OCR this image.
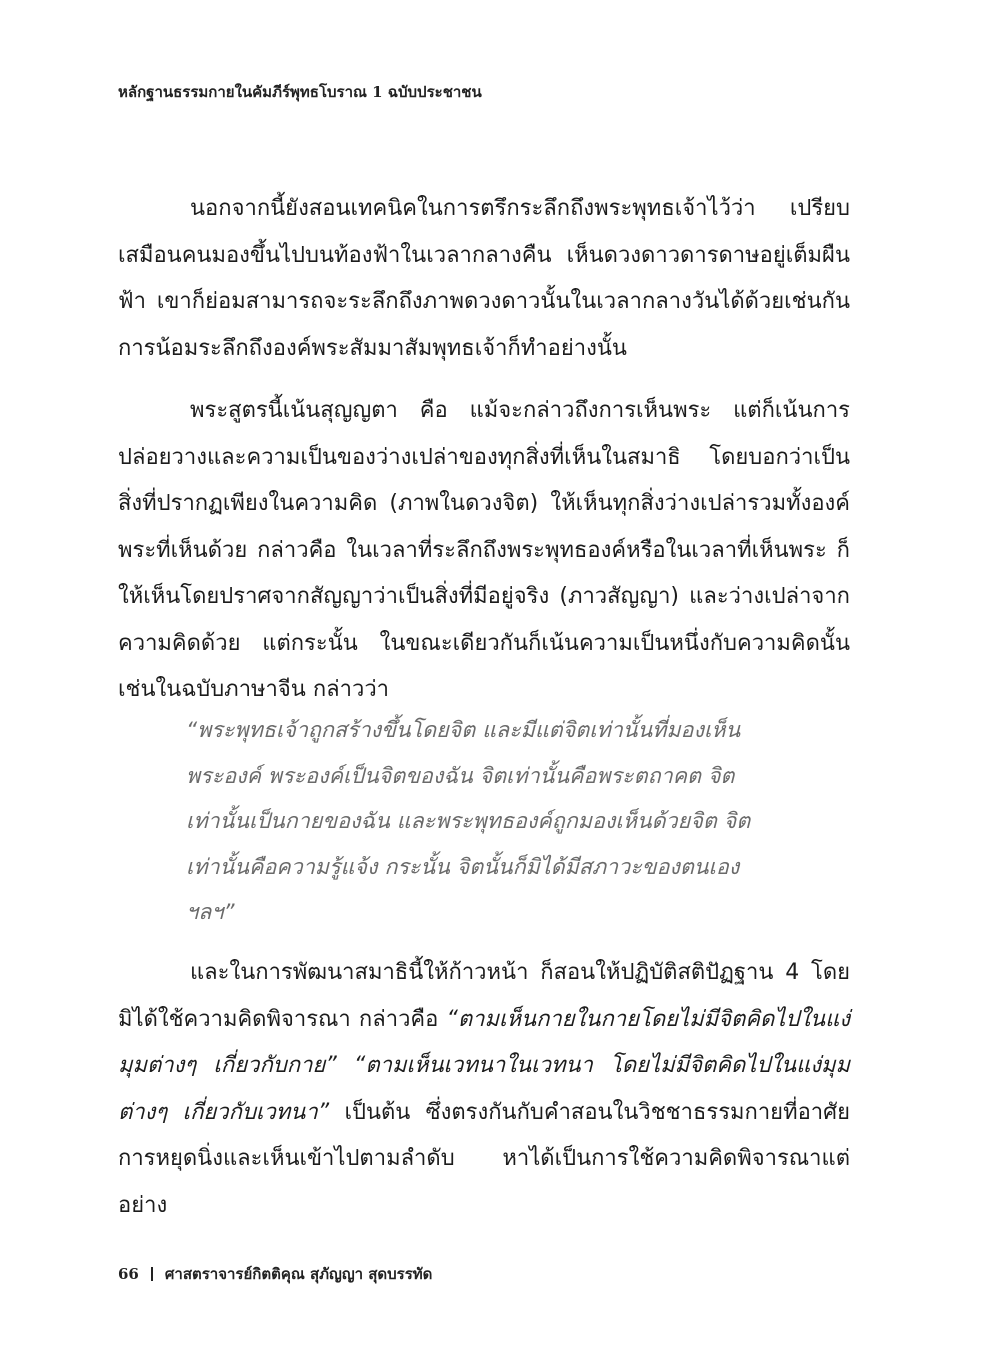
หลักฐานธรรมกายในคัมภีร์พุทธโบราณ 1 ฉบับประชาชน

นอกจากนี้ยังสอนเทคนิคในการตรึกระลึกถึงพระพุทธเจ้าไว้ว่า เปรียบเสมือนคนมองขึ้นไปบนท้องฟ้าในเวลากลางคืน เห็นดวงดาวดารดาษอยู่เต็มผืนฟ้า เขาก็ย่อมสามารถจะระลึกถึงภาพดวงดาวนั้นในเวลากลางวันได้ด้วยเช่นกัน การน้อมระลึกถึงองค์พระสัมมาสัมพุทธเจ้าก็ทำอย่างนั้น

พระสูตรนี้เน้นสุญญตา คือ แม้จะกล่าวถึงการเห็นพระ แต่ก็เน้นการปล่อยวางและความเป็นของว่างเปล่าของทุกสิ่งที่เห็นในสมาธิ โดยบอกว่าเป็นสิ่งที่ปรากฏเพียงในความคิด (ภาพในดวงจิต) ให้เห็นทุกสิ่งว่างเปล่ารวมทั้งองค์พระที่เห็นด้วย กล่าวคือ ในเวลาที่ระลึกถึงพระพุทธองค์หรือในเวลาที่เห็นพระ ก็ให้เห็นโดยปราศจากสัญญาว่าเป็นสิ่งที่มีอยู่จริง (ภาวสัญญา) และว่างเปล่าจากความคิดด้วย แต่กระนั้น ในขณะเดียวกันก็เน้นความเป็นหนึ่งกับความคิดนั้นเช่นในฉบับภาษาจีน กล่าวว่า

“พระพุทธเจ้าถูกสร้างขึ้นโดยจิต และมีแต่จิตเท่านั้นที่มองเห็นพระองค์ พระองค์เป็นจิตของฉัน จิตเท่านั้นคือพระตถาคต จิตเท่านั้นเป็นกายของฉัน และพระพุทธองค์ถูกมองเห็นด้วยจิต จิตเท่านั้นคือความรู้แจ้ง กระนั้น จิตนั้นก็มิได้มีสภาวะของตนเอง ฯลฯ”

และในการพัฒนาสมาธินี้ให้ก้าวหน้า ก็สอนให้ปฏิบัติสติปัฏฐาน 4 โดยมิได้ใช้ความคิดพิจารณา กล่าวคือ “ตามเห็นกายในกายโดยไม่มีจิตคิดไปในแง่มุมต่างๆ เกี่ยวกับกาย” “ตามเห็นเวทนาในเวทนา โดยไม่มีจิตคิดไปในแง่มุมต่างๆ เกี่ยวกับเวทนา” เป็นต้น ซึ่งตรงกันกับคำสอนในวิชชาธรรมกายที่อาศัยการหยุดนิ่งและเห็นเข้าไปตามลำดับ หาได้เป็นการใช้ความคิดพิจารณาแต่อย่าง

66 ศาสตราจารย์กิตติคุณ สุภัญญา สุดบรรทัด
